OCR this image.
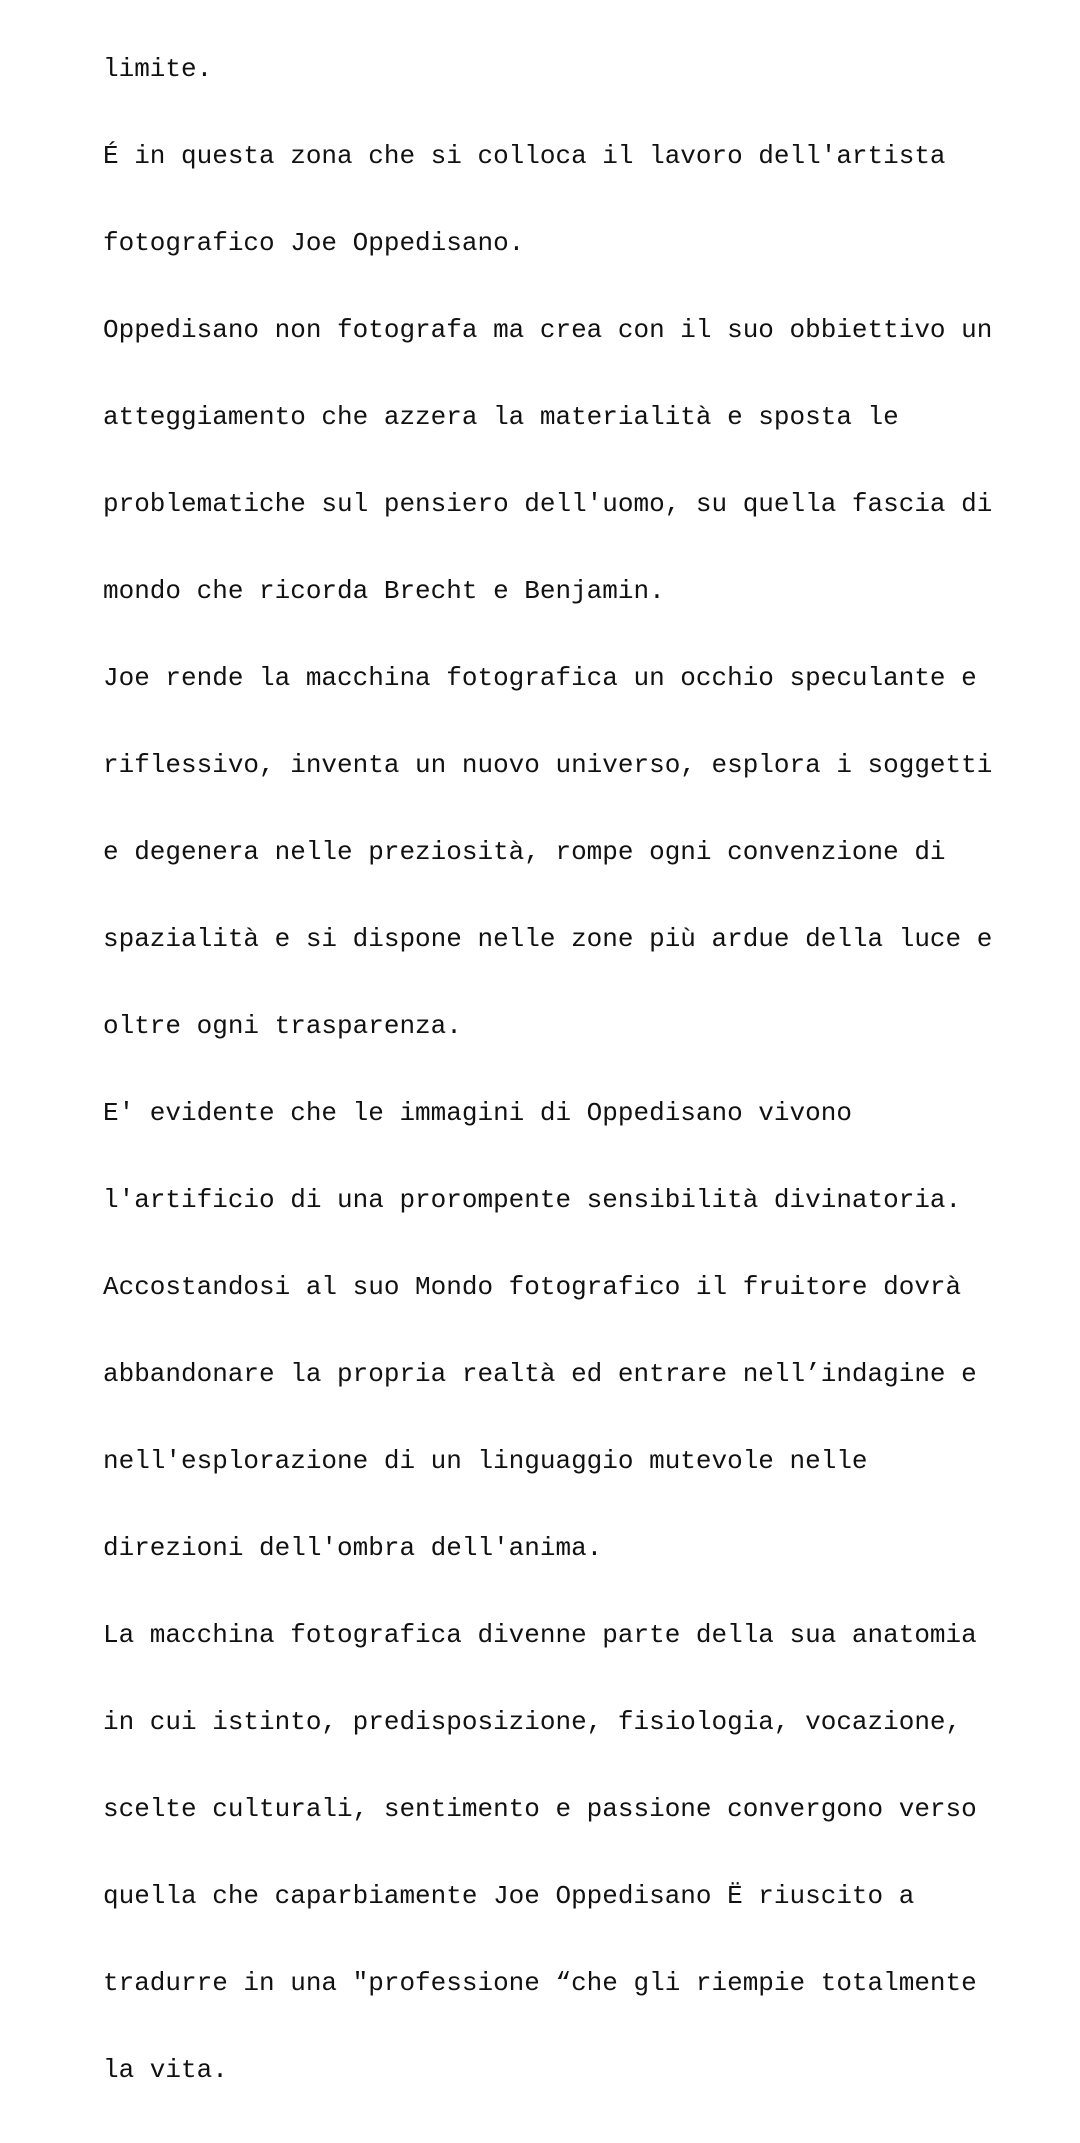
limite.

É in questa zona che si colloca il lavoro dell'artista

fotografico Joe Oppedisano.

Oppedisano non fotografa ma crea con il suo obbiettivo un

atteggiamento che azzera la materialità e sposta le

problematiche sul pensiero dell'uomo, su quella fascia di

mondo che ricorda Brecht e Benjamin.

Joe rende la macchina fotografica un occhio speculante e

riflessivo, inventa un nuovo universo, esplora i soggetti

e degenera nelle preziosità, rompe ogni convenzione di

spazialità e si dispone nelle zone più ardue della luce e

oltre ogni trasparenza.

E' evidente che le immagini di Oppedisano vivono

l'artificio di una prorompente sensibilità divinatoria.

Accostandosi al suo Mondo fotografico il fruitore dovrà

abbandonare la propria realtà ed entrare nell’indagine e

nell'esplorazione di un linguaggio mutevole nelle

direzioni dell'ombra dell'anima.

La macchina fotografica divenne parte della sua anatomia

in cui istinto, predisposizione, fisiologia, vocazione,

scelte culturali, sentimento e passione convergono verso

quella che caparbiamente Joe Oppedisano Ë riuscito a

tradurre in una "professione “che gli riempie totalmente

la vita.
